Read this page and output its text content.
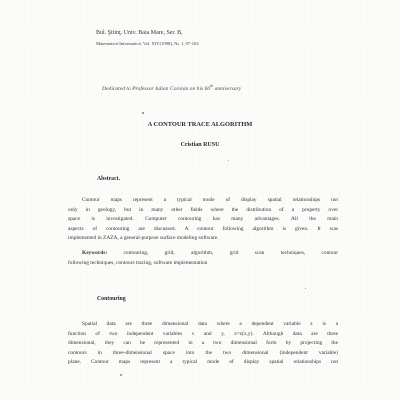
Bul. Ştiinţ. Univ. Baia Mare, Ser. B,
Matematică-Informatică, Vol. XIV(1998), Nr. 1, 97-102
Dedicated to Professor Iulian Coroian on his 60th anniversary
A CONTOUR TRACE ALGORITHM
Cristian RUSU
Abstract.
Contour maps represent a typical mode of display spatial relationships not
only in geology, but in many other fields where the distribution of a property over
space is investigated. Computer contouring has many advantages. All the main
aspects of contouring are discussed. A contour following algorithm is given. It was
implemented in ZAZA, a general-purpose surface modeling software.
Keywords: contouring, grid, algorithm, grid scan techniques, contour
following techniques, contours tracing, software implementation
Contouring
Spatial data are three dimensional data where a dependent variable z is a
function of two independent variables x and y, z=z(x,y). Although data are three
dimensional, they can be represented in a two dimensional form by projecting the
contours in three-dimensional space into the two dimensional (independent variable)
plane. Contour maps represent a typical mode of display spatial relationships not
